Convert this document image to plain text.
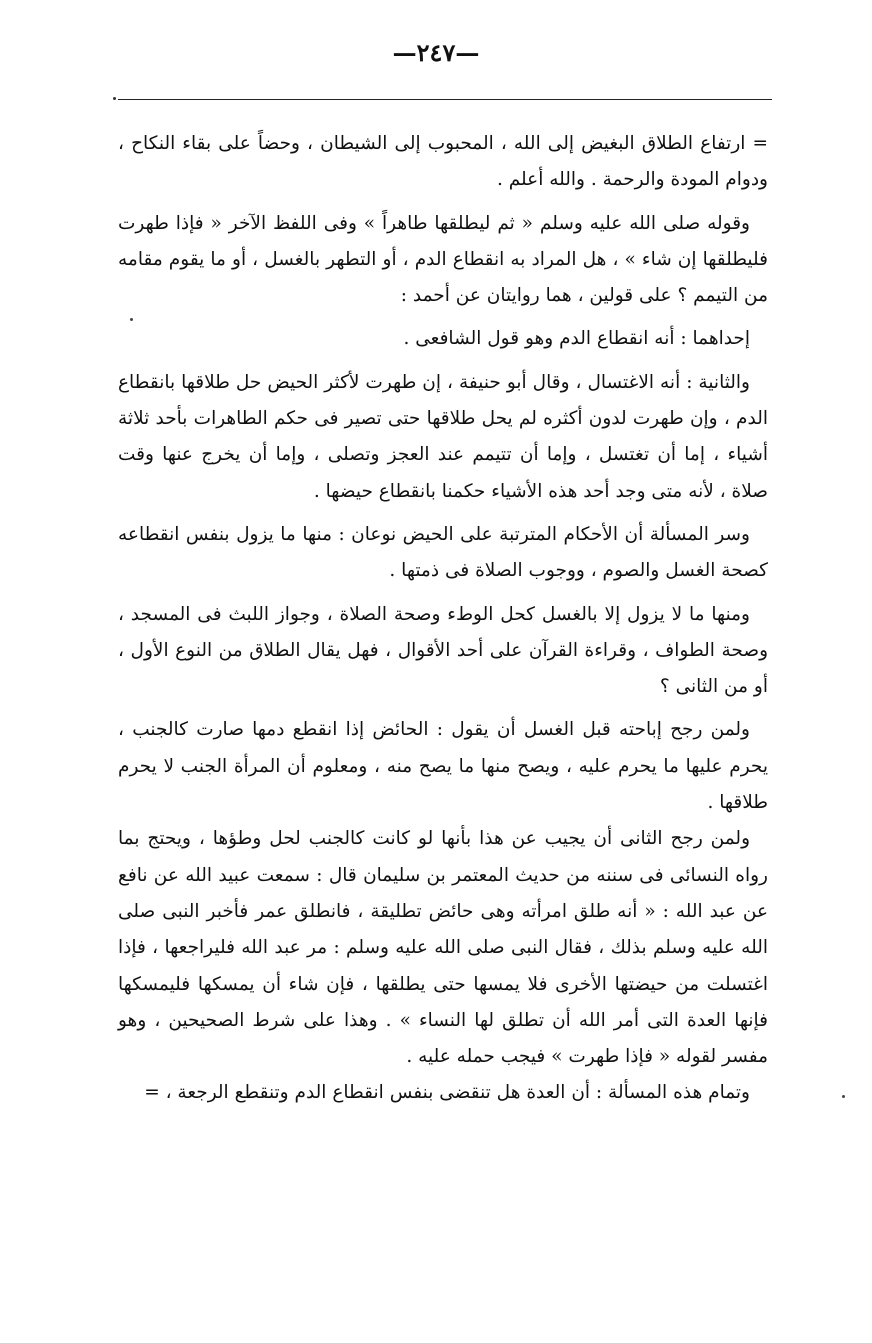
—٢٤٧—

= ارتفاع الطلاق البغيض إلى الله ، المحبوب إلى الشيطان ، وحضاً على بقاء النكاح ، ودوام المودة والرحمة . والله أعلم .

وقوله صلى الله عليه وسلم « ثم ليطلقها طاهراً » وفى اللفظ الآخر « فإذا طهرت فليطلقها إن شاء » ، هل المراد به انقطاع الدم ، أو التطهر بالغسل ، أو ما يقوم مقامه من التيمم ؟ على قولين ، هما روايتان عن أحمد :

إحداهما : أنه انقطاع الدم وهو قول الشافعى .

والثانية : أنه الاغتسال ، وقال أبو حنيفة ، إن طهرت لأكثر الحيض حل طلاقها بانقطاع الدم ، وإن طهرت لدون أكثره لم يحل طلاقها حتى تصير فى حكم الطاهرات بأحد ثلاثة أشياء ، إما أن تغتسل ، وإما أن تتيمم عند العجز وتصلى ، وإما أن يخرج عنها وقت صلاة ، لأنه متى وجد أحد هذه الأشياء حكمنا بانقطاع حيضها .

وسر المسألة أن الأحكام المترتبة على الحيض نوعان : منها ما يزول بنفس انقطاعه كصحة الغسل والصوم ، ووجوب الصلاة فى ذمتها .

ومنها ما لا يزول إلا بالغسل كحل الوطء وصحة الصلاة ، وجواز اللبث فى المسجد ، وصحة الطواف ، وقراءة القرآن على أحد الأقوال ، فهل يقال الطلاق من النوع الأول ، أو من الثانى ؟

ولمن رجح إباحته قبل الغسل أن يقول : الحائض إذا انقطع دمها صارت كالجنب ، يحرم عليها ما يحرم عليه ، ويصح منها ما يصح منه ، ومعلوم أن المرأة الجنب لا يحرم طلاقها .

ولمن رجح الثانى أن يجيب عن هذا بأنها لو كانت كالجنب لحل وطؤها ، ويحتج بما رواه النسائى فى سننه من حديث المعتمر بن سليمان قال : سمعت عبيد الله عن نافع عن عبد الله : « أنه طلق امرأته وهى حائض تطليقة ، فانطلق عمر فأخبر النبى صلى الله عليه وسلم بذلك ، فقال النبى صلى الله عليه وسلم : مر عبد الله فليراجعها ، فإذا اغتسلت من حيضتها الأخرى فلا يمسها حتى يطلقها ، فإن شاء أن يمسكها فليمسكها فإنها العدة التى أمر الله أن تطلق لها النساء » . وهذا على شرط الصحيحين ، وهو مفسر لقوله « فإذا طهرت » فيجب حمله عليه .

وتمام هذه المسألة : أن العدة هل تنقضى بنفس انقطاع الدم وتنقطع الرجعة ، =
